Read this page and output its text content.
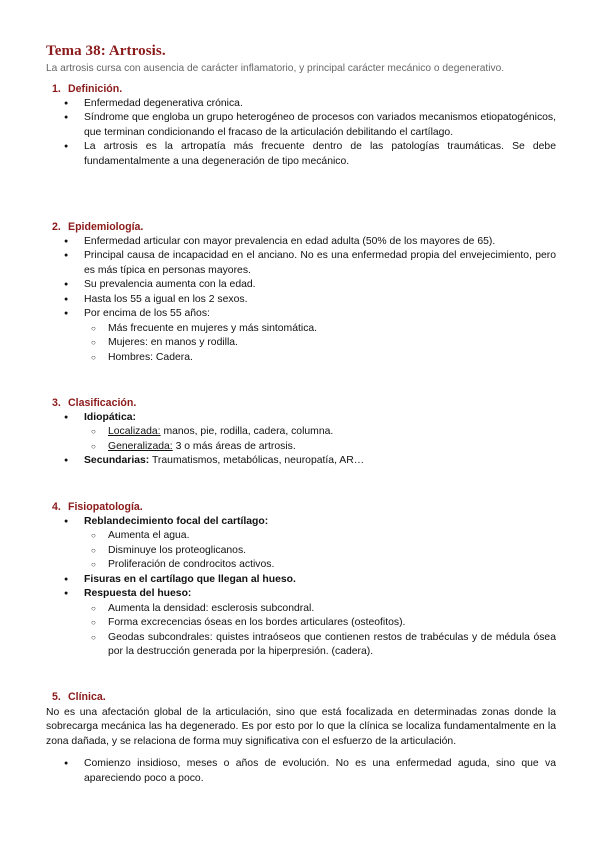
Tema 38: Artrosis.
La artrosis cursa con ausencia de carácter inflamatorio, y principal carácter mecánico o degenerativo.
1. Definición.
● Enfermedad degenerativa crónica.
● Síndrome que engloba un grupo heterogéneo de procesos con variados mecanismos etiopatogénicos, que terminan condicionando el fracaso de la articulación debilitando el cartílago.
● La artrosis es la artropatía más frecuente dentro de las patologías traumáticas. Se debe fundamentalmente a una degeneración de tipo mecánico.
2. Epidemiología.
● Enfermedad articular con mayor prevalencia en edad adulta (50% de los mayores de 65).
● Principal causa de incapacidad en el anciano. No es una enfermedad propia del envejecimiento, pero es más típica en personas mayores.
● Su prevalencia aumenta con la edad.
● Hasta los 55 a igual en los 2 sexos.
● Por encima de los 55 años:
○ Más frecuente en mujeres y más sintomática.
○ Mujeres: en manos y rodilla.
○ Hombres: Cadera.
3. Clasificación.
● Idiopática:
○ Localizada: manos, pie, rodilla, cadera, columna.
○ Generalizada: 3 o más áreas de artrosis.
● Secundarias: Traumatismos, metabólicas, neuropatía, AR…
4. Fisiopatología.
● Reblandecimiento focal del cartílago:
○ Aumenta el agua.
○ Disminuye los proteoglicanos.
○ Proliferación de condrocitos activos.
● Fisuras en el cartílago que llegan al hueso.
● Respuesta del hueso:
○ Aumenta la densidad: esclerosis subcondral.
○ Forma excrecencias óseas en los bordes articulares (osteofitos).
○ Geodas subcondrales: quistes intraóseos que contienen restos de trabéculas y de médula ósea por la destrucción generada por la hiperpresión. (cadera).
5. Clínica.
No es una afectación global de la articulación, sino que está focalizada en determinadas zonas donde la sobrecarga mecánica las ha degenerado. Es por esto por lo que la clínica se localiza fundamentalmente en la zona dañada, y se relaciona de forma muy significativa con el esfuerzo de la articulación.
● Comienzo insidioso, meses o años de evolución. No es una enfermedad aguda, sino que va apareciendo poco a poco.
